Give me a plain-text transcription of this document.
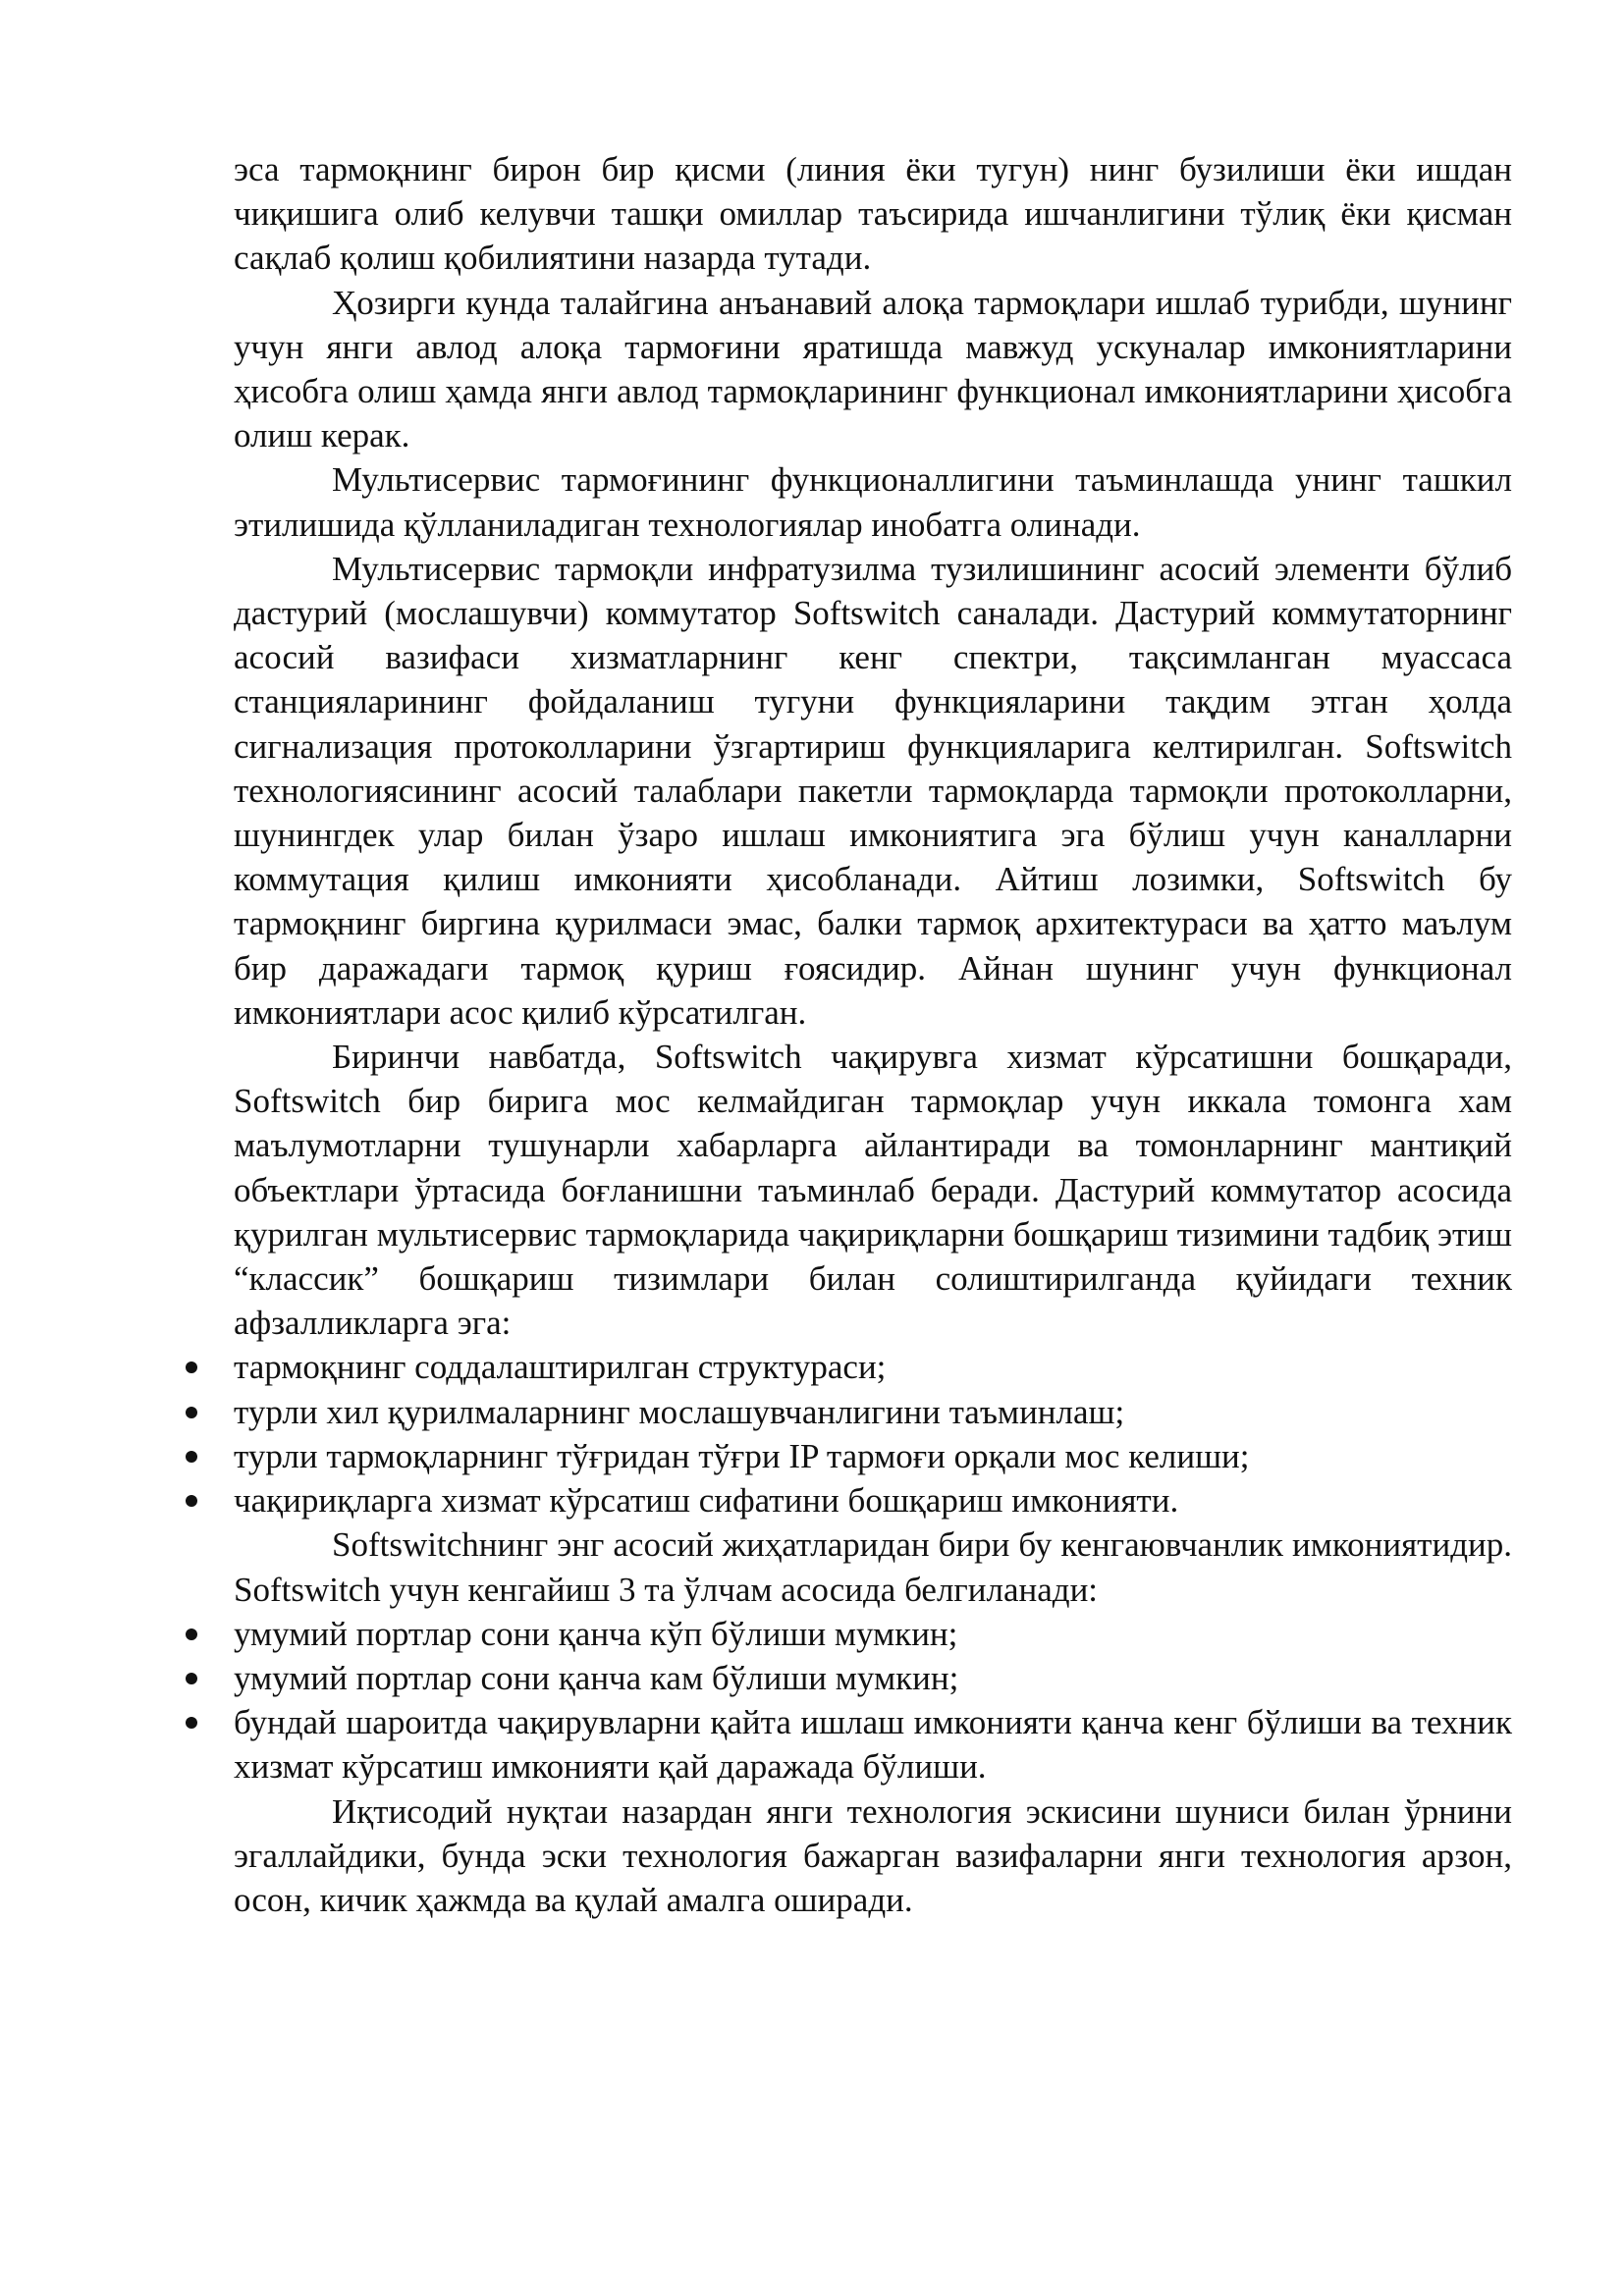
эса тармоқнинг бирон бир қисми (линия ёки тугун) нинг бузилиши ёки ишдан чиқишига олиб келувчи ташқи омиллар таъсирида ишчанлигини тўлиқ ёки қисман сақлаб қолиш қобилиятини назарда тутади.

Ҳозирги кунда талайгина анъанавий алоқа тармоқлари ишлаб турибди, шунинг учун янги авлод алоқа тармоғини яратишда мавжуд ускуналар имкониятларини ҳисобга олиш ҳамда янги авлод тармоқларининг функционал имкониятларини ҳисобга олиш керак.

Мультисервис тармоғининг функционаллигини таъминлашда унинг ташкил этилишида қўлланиладиган технологиялар инобатга олинади.

Мультисервис тармоқли инфратузилма тузилишининг асосий элементи бўлиб дастурий (мослашувчи) коммутатор Softswitch саналади. Дастурий коммутаторнинг асосий вазифаси хизматларнинг кенг спектри, тақсимланган муассаса станцияларининг фойдаланиш тугуни функцияларини тақдим этган ҳолда сигнализация протоколларини ўзгартириш функцияларига келтирилган. Softswitch технологиясининг асосий талаблари пакетли тармоқларда тармоқли протоколларни, шунингдек улар билан ўзаро ишлаш имкониятига эга бўлиш учун каналларни коммутация қилиш имконияти ҳисобланади. Айтиш лозимки, Softswitch бу тармоқнинг биргина қурилмаси эмас, балки тармоқ архитектураси ва ҳатто маълум бир даражадаги тармоқ қуриш ғоясидир. Айнан шунинг учун функционал имкониятлари асос қилиб кўрсатилган.

Биринчи навбатда, Softswitch чақирувга хизмат кўрсатишни бошқаради, Softswitch бир бирига мос келмайдиган тармоқлар учун иккала томонга хам маълумотларни тушунарли хабарларга айлантиради ва томонларнинг мантиқий объектлари ўртасида боғланишни таъминлаб беради. Дастурий коммутатор асосида қурилган мультисервис тармоқларида чақириқларни бошқариш тизимини тадбиқ этиш “классик” бошқариш тизимлари билан солиштирилганда қуйидаги техник афзалликларга эга:

тармоқнинг соддалаштирилган структураси;
турли хил қурилмаларнинг мослашувчанлигини таъминлаш;
турли тармоқларнинг тўғридан тўғри IP тармоғи орқали мос келиши;
чақириқларга хизмат кўрсатиш сифатини бошқариш имконияти.

Softswitchнинг энг асосий жиҳатларидан бири бу кенгаювчанлик имкониятидир. Softswitch учун кенгайиш 3 та ўлчам асосида белгиланади:

умумий портлар сони қанча кўп бўлиши мумкин;
умумий портлар сони қанча кам бўлиши мумкин;
бундай шароитда чақирувларни қайта ишлаш имконияти қанча кенг бўлиши ва техник хизмат кўрсатиш имконияти қай даражада бўлиши.

Иқтисодий нуқтаи назардан янги технология эскисини шуниси билан ўрнини эгаллайдики, бунда эски технология бажарган вазифаларни янги технология арзон, осон, кичик ҳажмда ва қулай амалга оширади.
